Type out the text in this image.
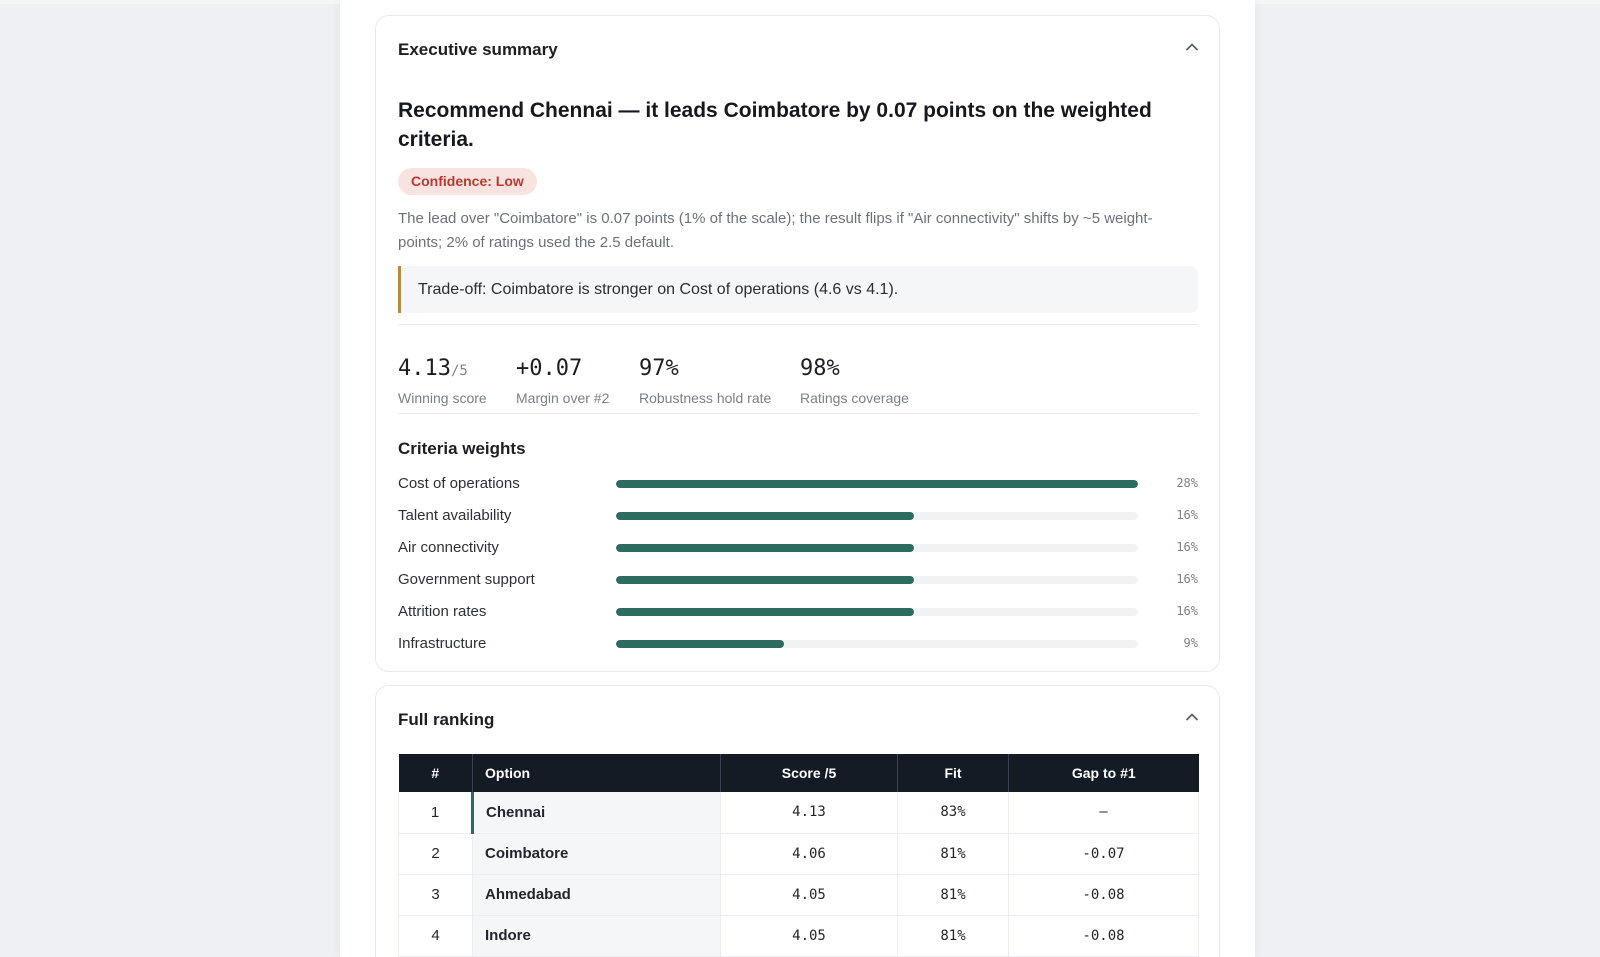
Executive summary
Recommend Chennai — it leads Coimbatore by 0.07 points on the weighted criteria.
Confidence: Low
The lead over "Coimbatore" is 0.07 points (1% of the scale); the result flips if "Air connectivity" shifts by ~5 weight-points; 2% of ratings used the 2.5 default.
Trade-off: Coimbatore is stronger on Cost of operations (4.6 vs 4.1).
4.13/5
Winning score
+0.07
Margin over #2
97%
Robustness hold rate
98%
Ratings coverage
Criteria weights
Cost of operations	28%
Talent availability	16%
Air connectivity	16%
Government support	16%
Attrition rates	16%
Infrastructure	9%
Full ranking
#	Option	Score /5	Fit	Gap to #1
1	Chennai	4.13	83%	–
2	Coimbatore	4.06	81%	-0.07
3	Ahmedabad	4.05	81%	-0.08
4	Indore	4.05	81%	-0.08
